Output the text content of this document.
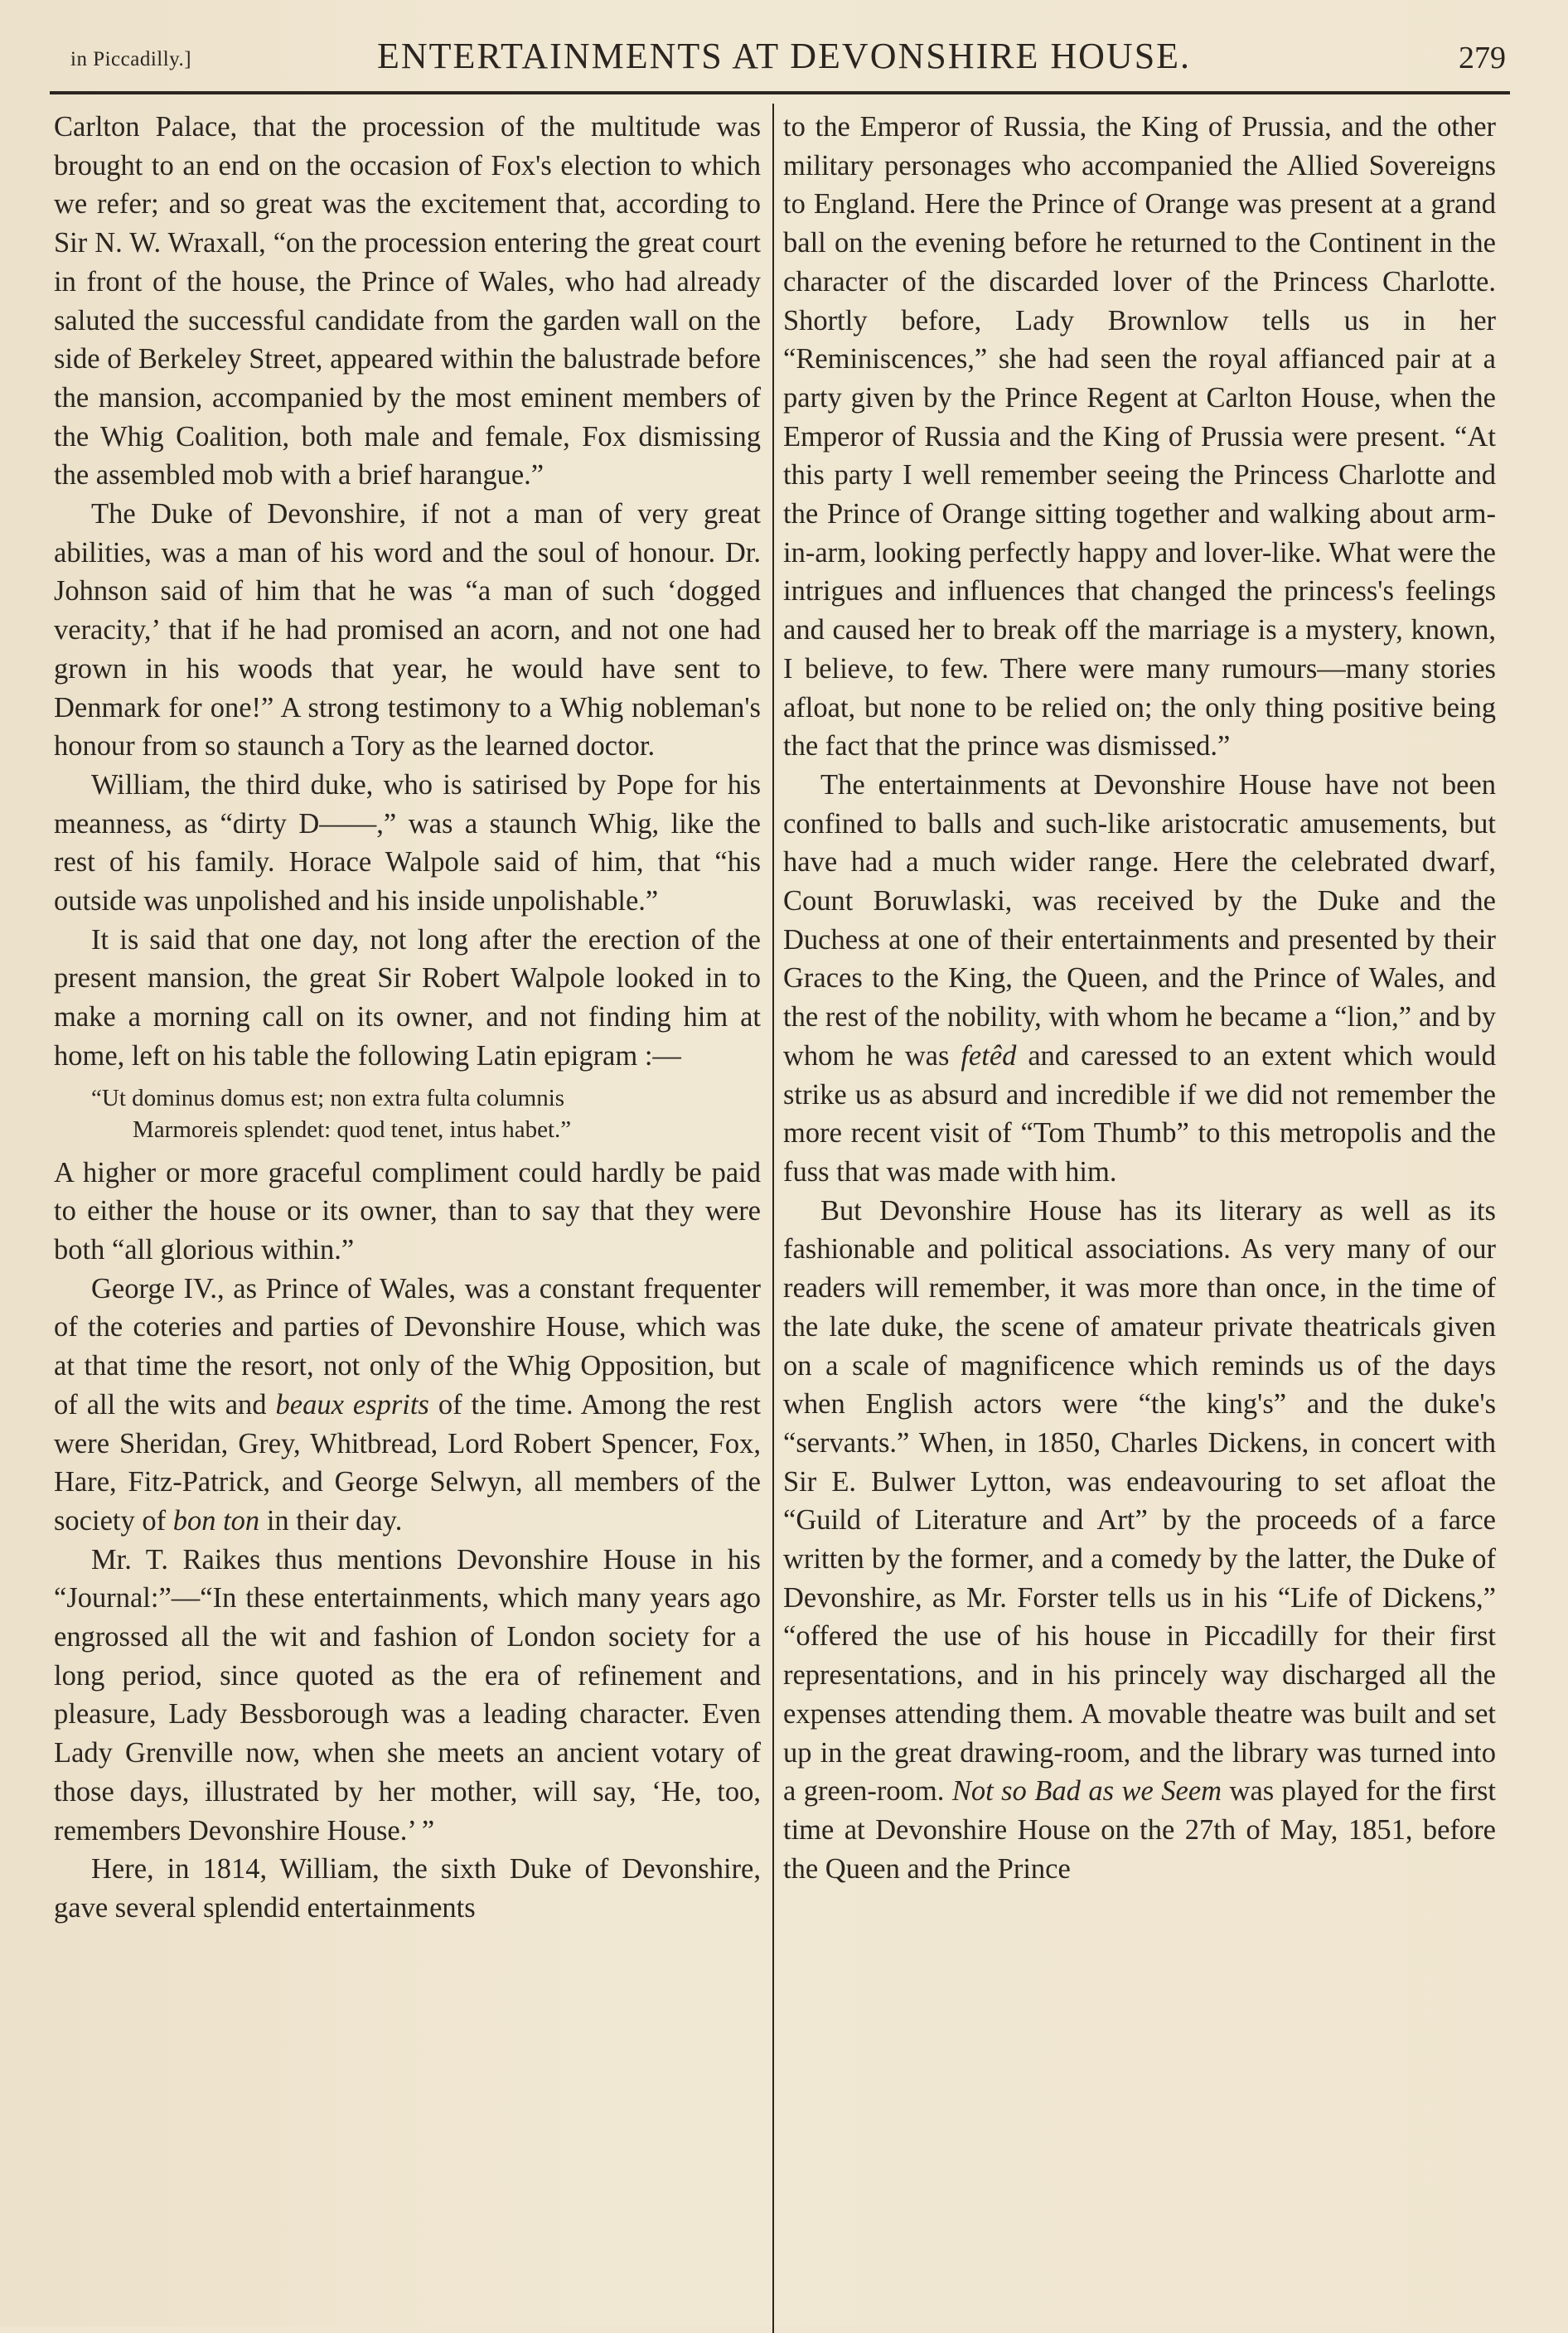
in Piccadilly.]	ENTERTAINMENTS AT DEVONSHIRE HOUSE.	279

Carlton Palace, that the procession of the multitude was brought to an end on the occasion of Fox's election to which we refer; and so great was the excitement that, according to Sir N. W. Wraxall, “on the procession entering the great court in front of the house, the Prince of Wales, who had already saluted the successful candidate from the garden wall on the side of Berkeley Street, appeared within the balustrade before the mansion, accompanied by the most eminent members of the Whig Coalition, both male and female, Fox dismissing the assembled mob with a brief harangue.”

The Duke of Devonshire, if not a man of very great abilities, was a man of his word and the soul of honour. Dr. Johnson said of him that he was “a man of such ‘dogged veracity,’ that if he had promised an acorn, and not one had grown in his woods that year, he would have sent to Denmark for one!” A strong testimony to a Whig nobleman's honour from so staunch a Tory as the learned doctor.

William, the third duke, who is satirised by Pope for his meanness, as “dirty D——,” was a staunch Whig, like the rest of his family. Horace Walpole said of him, that “his outside was unpolished and his inside unpolishable.”

It is said that one day, not long after the erection of the present mansion, the great Sir Robert Walpole looked in to make a morning call on its owner, and not finding him at home, left on his table the following Latin epigram :—

“Ut dominus domus est; non extra fulta columnis
Marmoreis splendet: quod tenet, intus habet.”

A higher or more graceful compliment could hardly be paid to either the house or its owner, than to say that they were both “all glorious within.”

George IV., as Prince of Wales, was a constant frequenter of the coteries and parties of Devonshire House, which was at that time the resort, not only of the Whig Opposition, but of all the wits and beaux esprits of the time. Among the rest were Sheridan, Grey, Whitbread, Lord Robert Spencer, Fox, Hare, Fitz-Patrick, and George Selwyn, all members of the society of bon ton in their day.

Mr. T. Raikes thus mentions Devonshire House in his “Journal:”—“In these entertainments, which many years ago engrossed all the wit and fashion of London society for a long period, since quoted as the era of refinement and pleasure, Lady Bessborough was a leading character. Even Lady Grenville now, when she meets an ancient votary of those days, illustrated by her mother, will say, ‘He, too, remembers Devonshire House.’ ”

Here, in 1814, William, the sixth Duke of Devonshire, gave several splendid entertainments

to the Emperor of Russia, the King of Prussia, and the other military personages who accompanied the Allied Sovereigns to England. Here the Prince of Orange was present at a grand ball on the evening before he returned to the Continent in the character of the discarded lover of the Princess Charlotte. Shortly before, Lady Brownlow tells us in her “Reminiscences,” she had seen the royal affianced pair at a party given by the Prince Regent at Carlton House, when the Emperor of Russia and the King of Prussia were present. “At this party I well remember seeing the Princess Charlotte and the Prince of Orange sitting together and walking about arm-in-arm, looking perfectly happy and lover-like. What were the intrigues and influences that changed the princess's feelings and caused her to break off the marriage is a mystery, known, I believe, to few. There were many rumours—many stories afloat, but none to be relied on; the only thing positive being the fact that the prince was dismissed.”

The entertainments at Devonshire House have not been confined to balls and such-like aristocratic amusements, but have had a much wider range. Here the celebrated dwarf, Count Boruwlaski, was received by the Duke and the Duchess at one of their entertainments and presented by their Graces to the King, the Queen, and the Prince of Wales, and the rest of the nobility, with whom he became a “lion,” and by whom he was fetêd and caressed to an extent which would strike us as absurd and incredible if we did not remember the more recent visit of “Tom Thumb” to this metropolis and the fuss that was made with him.

But Devonshire House has its literary as well as its fashionable and political associations. As very many of our readers will remember, it was more than once, in the time of the late duke, the scene of amateur private theatricals given on a scale of magnificence which reminds us of the days when English actors were “the king's” and the duke's “servants.” When, in 1850, Charles Dickens, in concert with Sir E. Bulwer Lytton, was endeavouring to set afloat the “Guild of Literature and Art” by the proceeds of a farce written by the former, and a comedy by the latter, the Duke of Devonshire, as Mr. Forster tells us in his “Life of Dickens,” “offered the use of his house in Piccadilly for their first representations, and in his princely way discharged all the expenses attending them. A movable theatre was built and set up in the great drawing-room, and the library was turned into a green-room. Not so Bad as we Seem was played for the first time at Devonshire House on the 27th of May, 1851, before the Queen and the Prince
